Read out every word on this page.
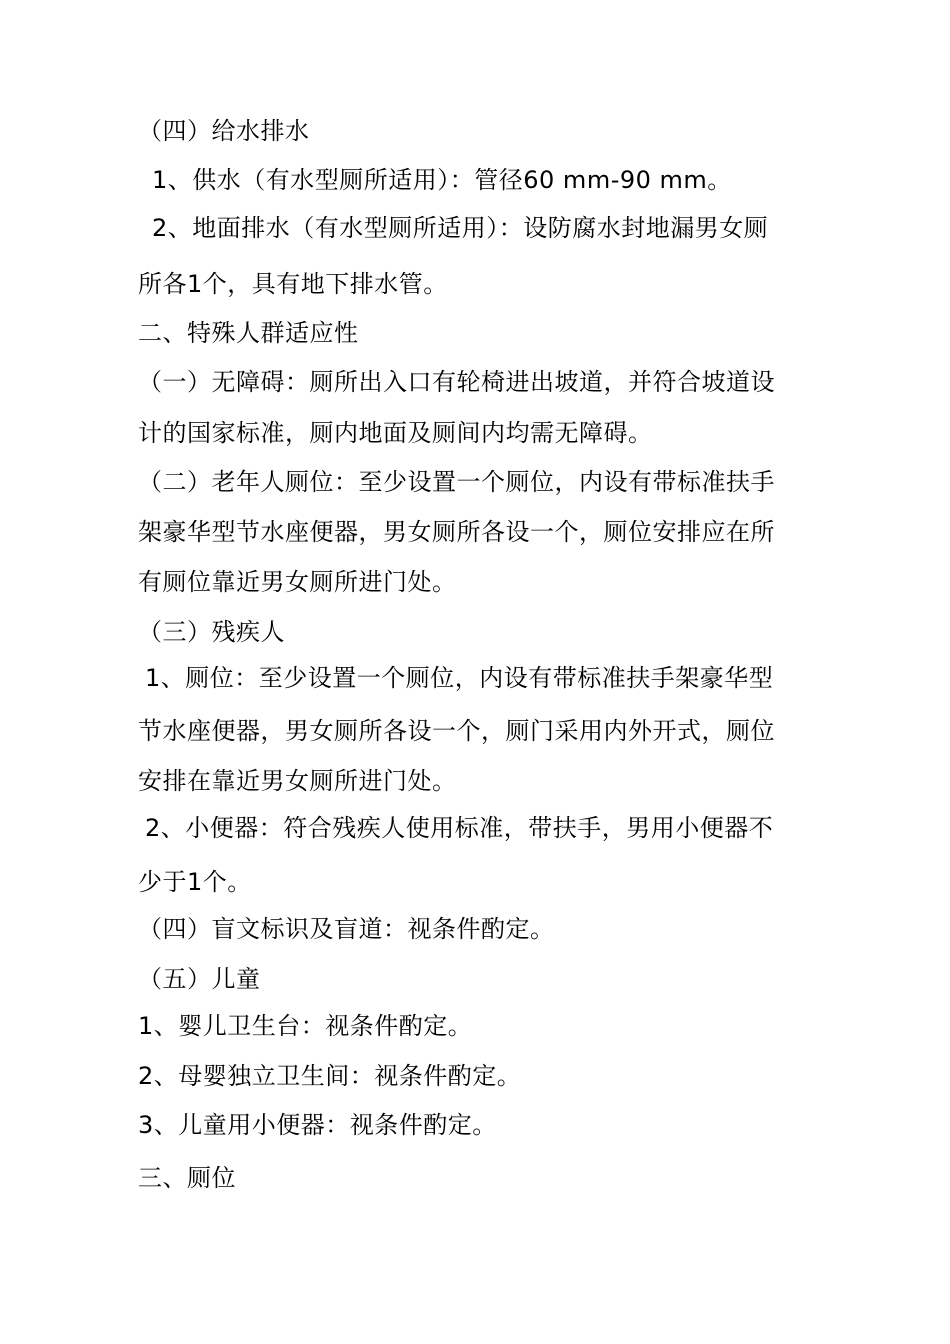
（四）给水排水
1、供水（有水型厕所适用）：管径60 mm-90 mm。
2、地面排水（有水型厕所适用）：设防腐水封地漏男女厕
所各1个，具有地下排水管。
二、特殊人群适应性
（一）无障碍：厕所出入口有轮椅进出坡道，并符合坡道设
计的国家标准，厕内地面及厕间内均需无障碍。
（二）老年人厕位：至少设置一个厕位，内设有带标准扶手
架豪华型节水座便器，男女厕所各设一个，厕位安排应在所
有厕位靠近男女厕所进门处。
（三）残疾人
1、厕位：至少设置一个厕位，内设有带标准扶手架豪华型
节水座便器，男女厕所各设一个，厕门采用内外开式，厕位
安排在靠近男女厕所进门处。
2、小便器：符合残疾人使用标准，带扶手，男用小便器不
少于1个。
（四）盲文标识及盲道：视条件酌定。
（五）儿童
1、婴儿卫生台：视条件酌定。
2、母婴独立卫生间：视条件酌定。
3、儿童用小便器：视条件酌定。
三、厕位
